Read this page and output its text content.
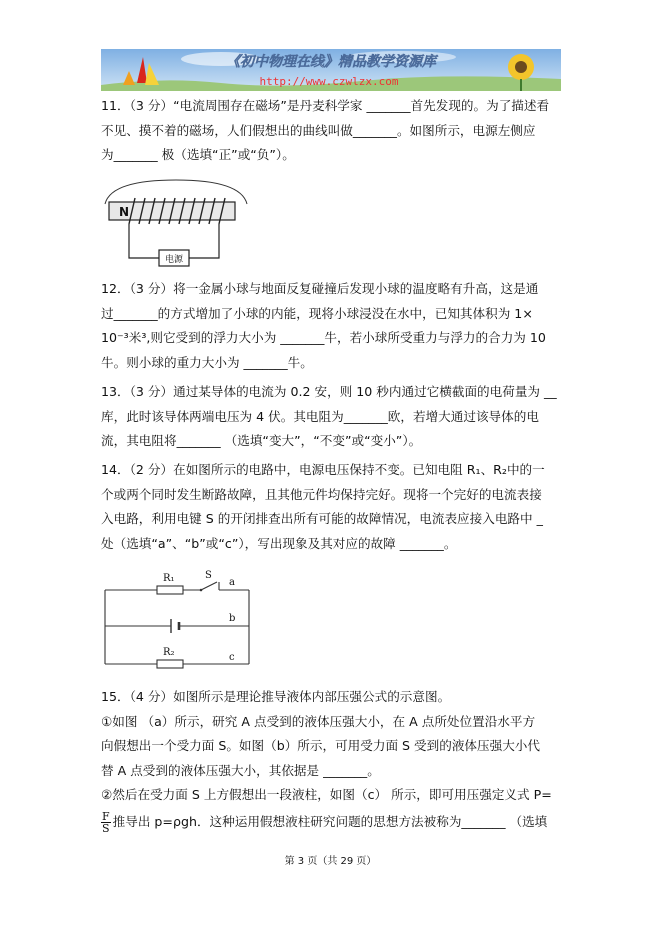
《初中物理在线》精品教学资源库
http://www.czwlzx.com

11．（3 分）“电流周围存在磁场”是丹麦科学家 _______首先发现的。为了描述看

不见、摸不着的磁场，人们假想出的曲线叫做_______。如图所示，电源左侧应

为_______ 极（选填“正”或“负”）。

N
电源

12．（3 分）将一金属小球与地面反复碰撞后发现小球的温度略有升高，这是通

过_______的方式增加了小球的内能，现将小球浸没在水中，已知其体积为 1×

10⁻³米³,则它受到的浮力大小为 _______牛，若小球所受重力与浮力的合力为 10

牛。则小球的重力大小为 _______牛。

13．（3 分）通过某导体的电流为 0.2 安，则 10 秒内通过它横截面的电荷量为 __

库，此时该导体两端电压为 4 伏。其电阻为_______欧，若增大通过该导体的电

流，其电阻将_______ （选填“变大”，“不变”或“变小”）。

14．（2 分）在如图所示的电路中，电源电压保持不变。已知电阻 R₁、R₂中的一

个或两个同时发生断路故障，且其他元件均保持完好。现将一个完好的电流表接

入电路，利用电键 S 的开闭排查出所有可能的故障情况，电流表应接入电路中 _

处（选填“a”、“b”或“c”），写出现象及其对应的故障 _______。

R₁	S
a
b
R₂	c

15．（4 分）如图所示是理论推导液体内部压强公式的示意图。

①如图 （a）所示，研究 A 点受到的液体压强大小，在 A 点所处位置沿水平方

向假想出一个受力面 S。如图（b）所示，可用受力面 S 受到的液体压强大小代

替 A 点受到的液体压强大小，其依据是 _______。

②然后在受力面 S 上方假想出一段液柱，如图（c） 所示，即可用压强定义式 P=

$\frac{F}{S}$ 推导出 p=ρgh．这种运用假想液柱研究问题的思想方法被称为_______ （选填

第 3 页（共 29 页）
